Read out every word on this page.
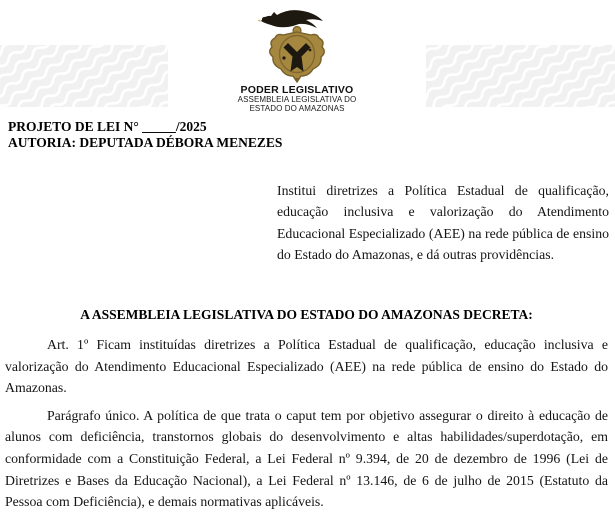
PODER LEGISLATIVO
ASSEMBLEIA LEGISLATIVA DO
ESTADO DO AMAZONAS
PROJETO DE LEI N° _____/2025
AUTORIA: DEPUTADA DÉBORA MENEZES

Institui diretrizes a Política Estadual de qualificação, educação inclusiva e valorização do Atendimento Educacional Especializado (AEE) na rede pública de ensino do Estado do Amazonas, e dá outras providências.

A ASSEMBLEIA LEGISLATIVA DO ESTADO DO AMAZONAS DECRETA:

Art. 1º Ficam instituídas diretrizes a Política Estadual de qualificação, educação inclusiva e valorização do Atendimento Educacional Especializado (AEE) na rede pública de ensino do Estado do Amazonas.

Parágrafo único. A política de que trata o caput tem por objetivo assegurar o direito à educação de alunos com deficiência, transtornos globais do desenvolvimento e altas habilidades/superdotação, em conformidade com a Constituição Federal, a Lei Federal nº 9.394, de 20 de dezembro de 1996 (Lei de Diretrizes e Bases da Educação Nacional), a Lei Federal nº 13.146, de 6 de julho de 2015 (Estatuto da Pessoa com Deficiência), e demais normativas aplicáveis.
